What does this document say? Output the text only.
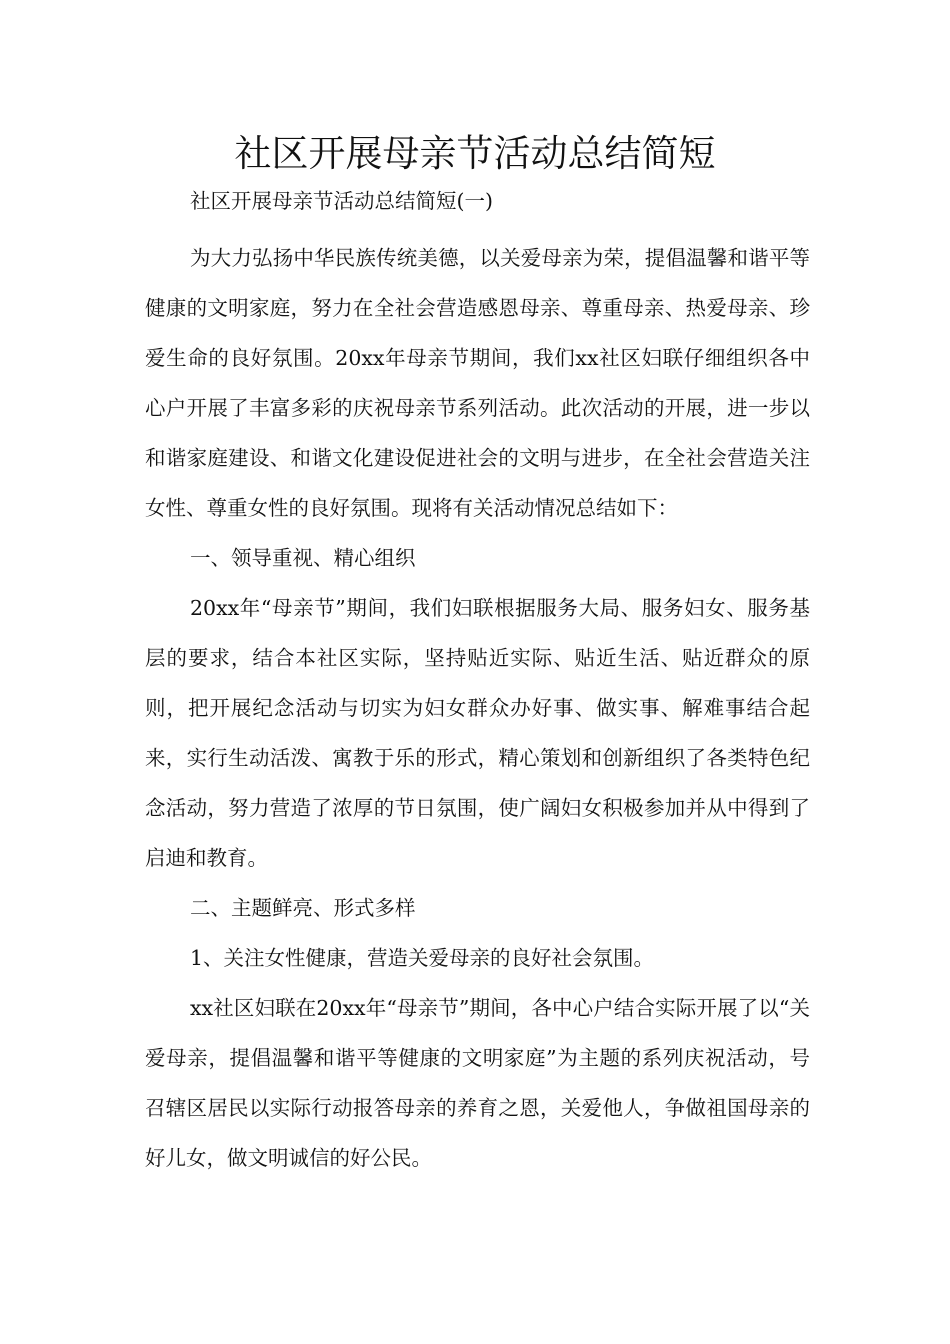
社区开展母亲节活动总结简短

社区开展母亲节活动总结简短(一)

为大力弘扬中华民族传统美德，以关爱母亲为荣，提倡温馨和谐平等健康的文明家庭，努力在全社会营造感恩母亲、尊重母亲、热爱母亲、珍爱生命的良好氛围。20xx年母亲节期间，我们xx社区妇联仔细组织各中心户开展了丰富多彩的庆祝母亲节系列活动。此次活动的开展，进一步以和谐家庭建设、和谐文化建设促进社会的文明与进步，在全社会营造关注女性、尊重女性的良好氛围。现将有关活动情况总结如下：

一、领导重视、精心组织

20xx年“母亲节”期间，我们妇联根据服务大局、服务妇女、服务基层的要求，结合本社区实际，坚持贴近实际、贴近生活、贴近群众的原则，把开展纪念活动与切实为妇女群众办好事、做实事、解难事结合起来，实行生动活泼、寓教于乐的形式，精心策划和创新组织了各类特色纪念活动，努力营造了浓厚的节日氛围，使广阔妇女积极参加并从中得到了启迪和教育。

二、主题鲜亮、形式多样

1、关注女性健康，营造关爱母亲的良好社会氛围。

xx社区妇联在20xx年“母亲节”期间，各中心户结合实际开展了以“关爱母亲，提倡温馨和谐平等健康的文明家庭”为主题的系列庆祝活动，号召辖区居民以实际行动报答母亲的养育之恩，关爱他人，争做祖国母亲的好儿女，做文明诚信的好公民。
